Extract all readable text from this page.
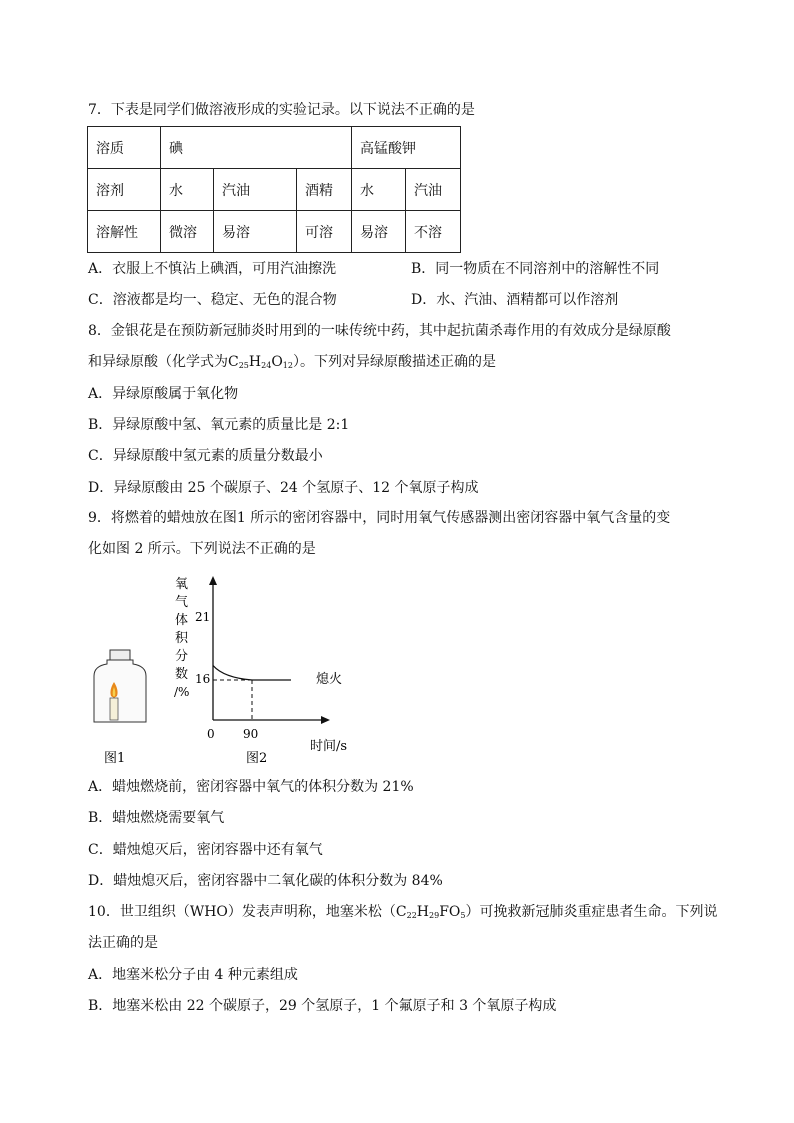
7．下表是同学们做溶液形成的实验记录。以下说法不正确的是
溶质	碘			高锰酸钾	
溶剂	水	汽油	酒精	水	汽油
溶解性	微溶	易溶	可溶	易溶	不溶
A．衣服上不慎沾上碘酒，可用汽油擦洗	B．同一物质在不同溶剂中的溶解性不同
C．溶液都是均一、稳定、无色的混合物	D．水、汽油、酒精都可以作溶剂
8．金银花是在预防新冠肺炎时用到的一味传统中药，其中起抗菌杀毒作用的有效成分是绿原酸
和异绿原酸（化学式为$C_{25}H_{24}O_{12}$）。下列对异绿原酸描述正确的是
A．异绿原酸属于氧化物
B．异绿原酸中氢、氧元素的质量比是 2:1
C．异绿原酸中氢元素的质量分数最小
D．异绿原酸由 25 个碳原子、24 个氢原子、12 个氧原子构成
9．将燃着的蜡烛放在图1 所示的密闭容器中，同时用氧气传感器测出密闭容器中氧气含量的变
化如图 2 所示。下列说法不正确的是
图1
氧
气
体
积
分
数
/%
21
16
0 90
熄火
时间/s
图2
A．蜡烛燃烧前，密闭容器中氧气的体积分数为 21%
B．蜡烛燃烧需要氧气
C．蜡烛熄灭后，密闭容器中还有氧气
D．蜡烛熄灭后，密闭容器中二氧化碳的体积分数为 84%
10．世卫组织（WHO）发表声明称，地塞米松$(C_{22}H_{29}FO_5)$可挽救新冠肺炎重症患者生命。下列说
法正确的是
A．地塞米松分子由 4 种元素组成
B．地塞米松由 22 个碳原子，29 个氢原子，1 个氟原子和 3 个氧原子构成
